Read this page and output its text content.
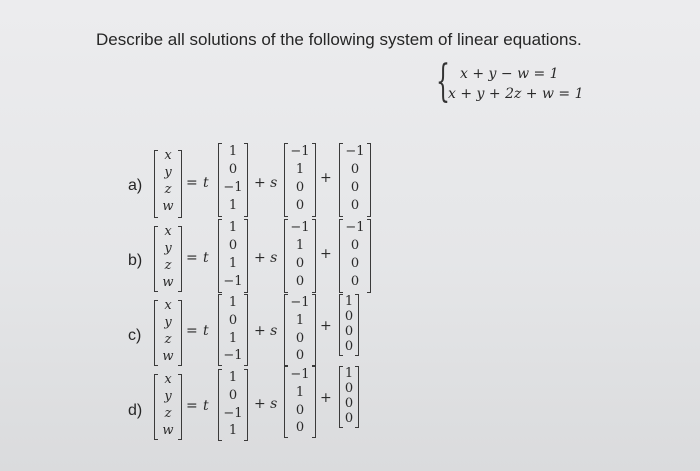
Describe all solutions of the following system of linear equations.
{ x + y − w = 1
x + y + 2z + w = 1
a)
x
y
z
w
= t
1
0
−1
1
+ s
−1
1
0
0
+
−1
0
0
0
b)
x
y
z
w
= t
1
0
1
−1
+ s
−1
1
0
0
+
−1
0
0
0
c)
x
y
z
w
= t
1
0
1
−1
+ s
−1
1
0
0
+
1
0
0
0
d)
x
y
z
w
= t
1
0
−1
1
+ s
−1
1
0
0
+
1
0
0
0
